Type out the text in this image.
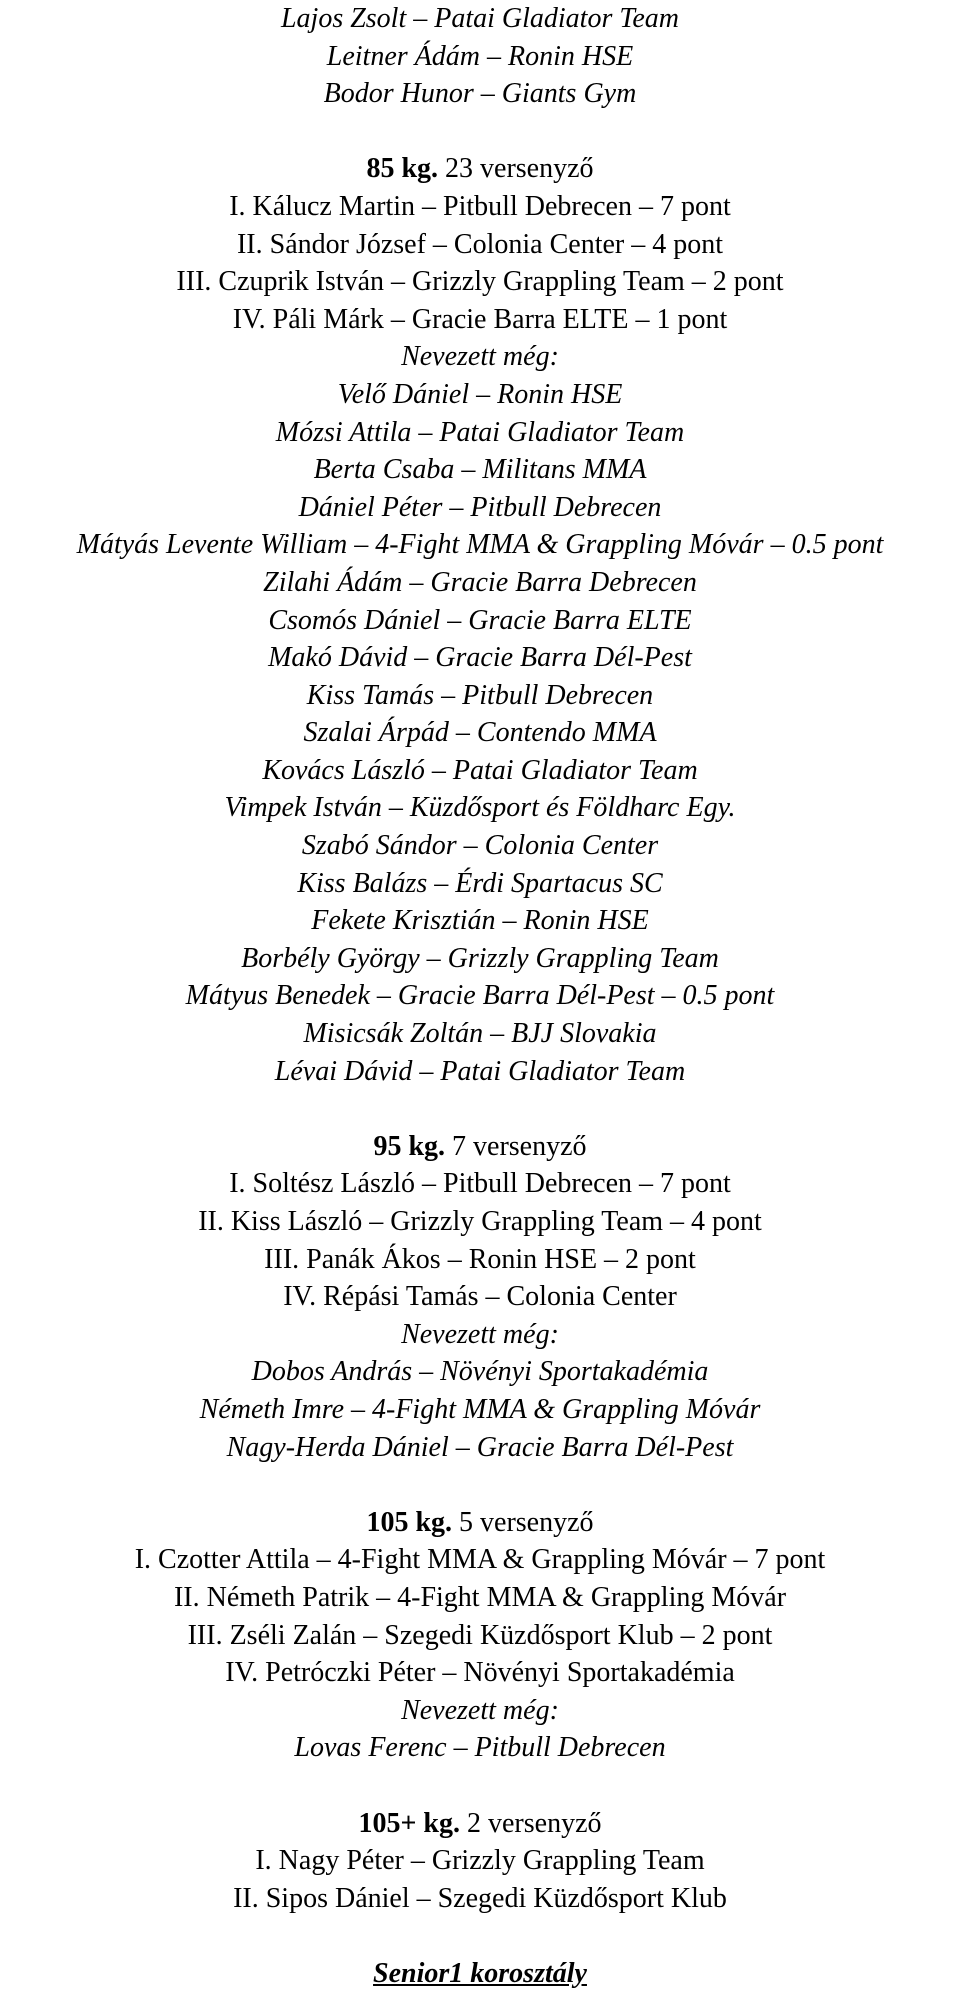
Lajos Zsolt – Patai Gladiator Team
Leitner Ádám – Ronin HSE
Bodor Hunor – Giants Gym
85 kg. 23 versenyző
I. Kálucz Martin – Pitbull Debrecen – 7 pont
II. Sándor József – Colonia Center – 4 pont
III. Czuprik István – Grizzly Grappling Team – 2 pont
IV. Páli Márk – Gracie Barra ELTE – 1 pont
Nevezett még:
Velő Dániel – Ronin HSE
Mózsi Attila – Patai Gladiator Team
Berta Csaba – Militans MMA
Dániel Péter – Pitbull Debrecen
Mátyás Levente William – 4-Fight MMA & Grappling Móvár – 0.5 pont
Zilahi Ádám – Gracie Barra Debrecen
Csomós Dániel – Gracie Barra ELTE
Makó Dávid – Gracie Barra Dél-Pest
Kiss Tamás – Pitbull Debrecen
Szalai Árpád – Contendo MMA
Kovács László – Patai Gladiator Team
Vimpek István – Küzdősport és Földharc Egy.
Szabó Sándor – Colonia Center
Kiss Balázs – Érdi Spartacus SC
Fekete Krisztián – Ronin HSE
Borbély György – Grizzly Grappling Team
Mátyus Benedek – Gracie Barra Dél-Pest – 0.5 pont
Misicsák Zoltán – BJJ Slovakia
Lévai Dávid – Patai Gladiator Team
95 kg. 7 versenyző
I. Soltész László – Pitbull Debrecen – 7 pont
II. Kiss László – Grizzly Grappling Team – 4 pont
III. Panák Ákos – Ronin HSE – 2 pont
IV. Répási Tamás – Colonia Center
Nevezett még:
Dobos András – Növényi Sportakadémia
Németh Imre – 4-Fight MMA & Grappling Móvár
Nagy-Herda Dániel – Gracie Barra Dél-Pest
105 kg. 5 versenyző
I. Czotter Attila – 4-Fight MMA & Grappling Móvár – 7 pont
II. Németh Patrik – 4-Fight MMA & Grappling Móvár
III. Zséli Zalán – Szegedi Küzdősport Klub – 2 pont
IV. Petróczki Péter – Növényi Sportakadémia
Nevezett még:
Lovas Ferenc – Pitbull Debrecen
105+ kg. 2 versenyző
I. Nagy Péter – Grizzly Grappling Team
II. Sipos Dániel – Szegedi Küzdősport Klub
Senior1 korosztály
